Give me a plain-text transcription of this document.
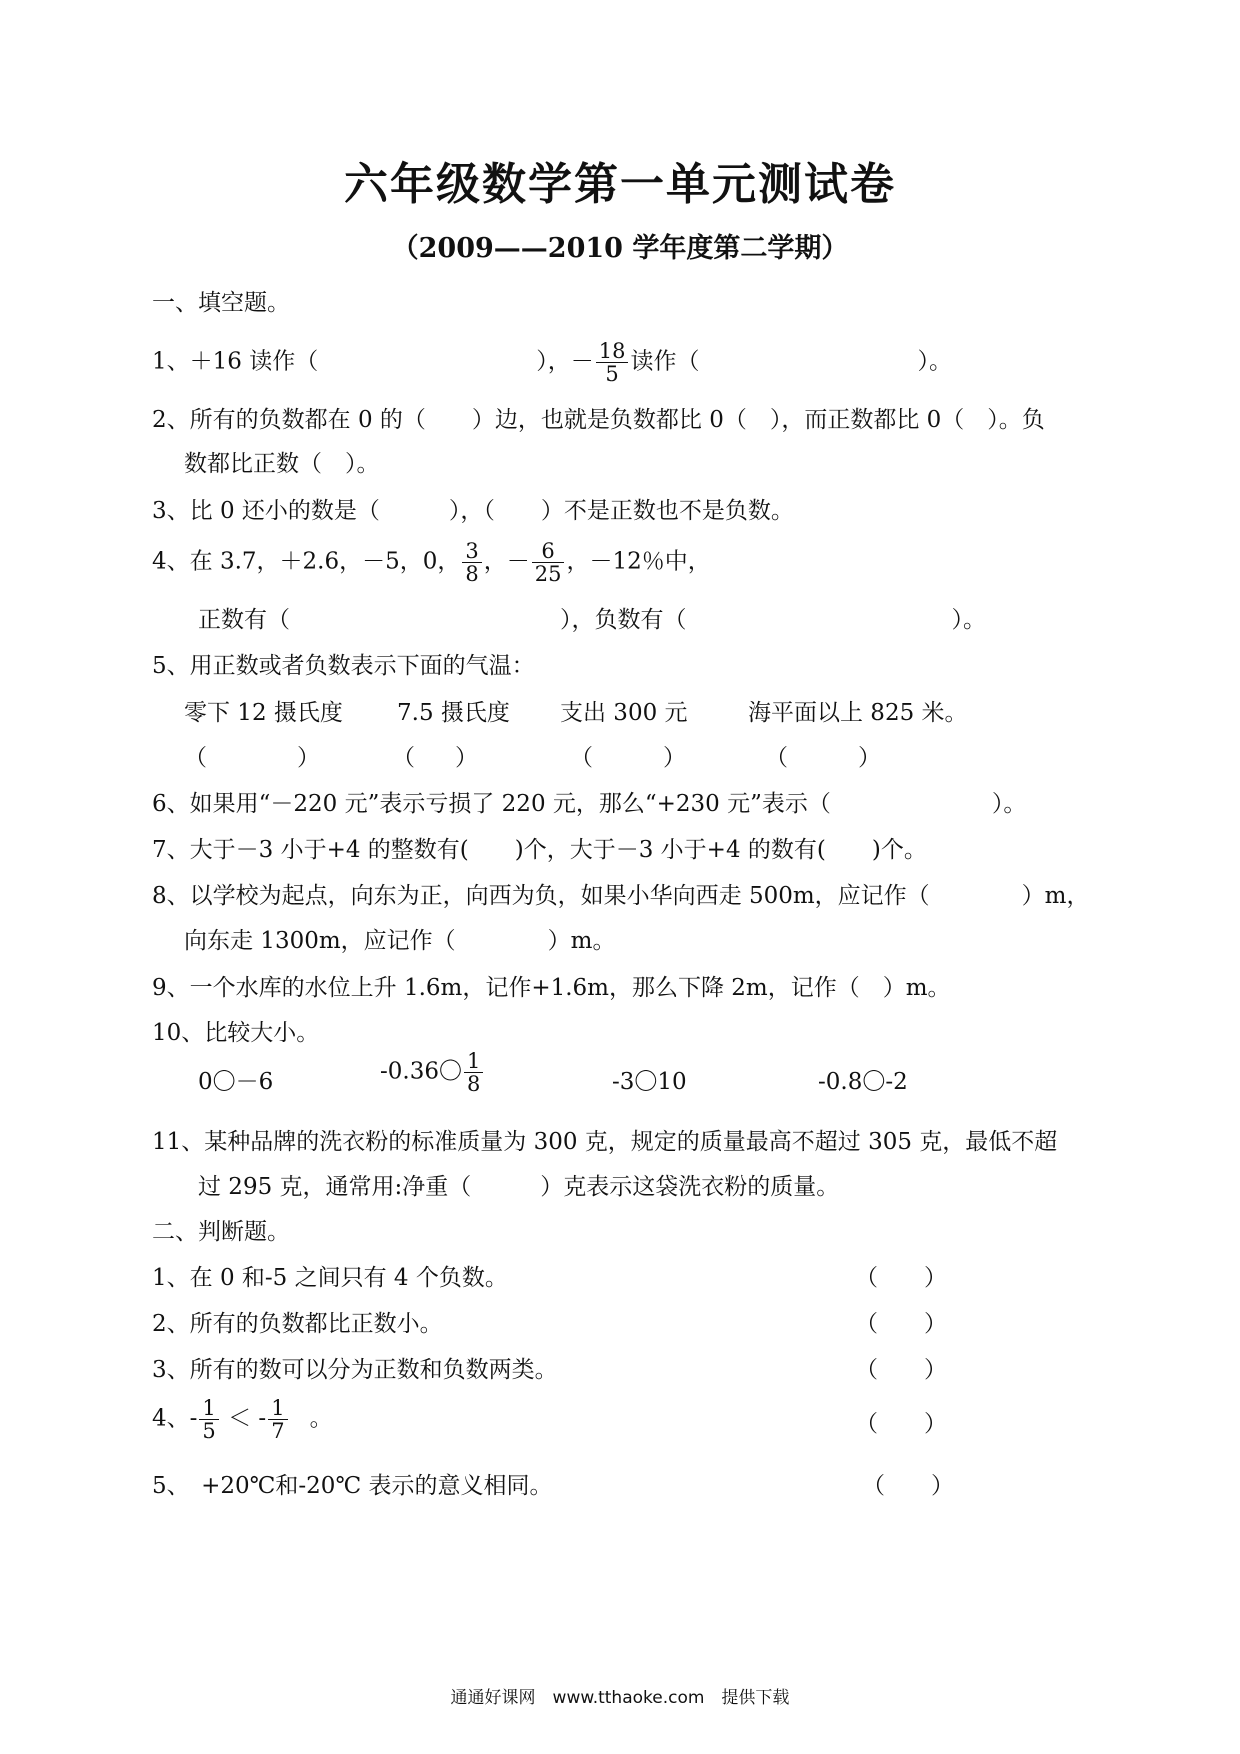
六年级数学第一单元测试卷
（2009——2010 学年度第二学期）
一、填空题。
1、＋16 读作（	），－ $\frac{18}{5}$ 读作（	）。
2、所有的负数都在 0 的（　　）边，也就是负数都比 0（　），而正数都比 0（　）。负
数都比正数（　）。
3、比 0 还小的数是（　　　），（　　）不是正数也不是负数。
4、在 3.7，＋2.6，－5，0， $\frac{3}{8}$ ，－ $\frac{6}{25}$ ，－12％中，
正数有（	），负数有（	）。
5、用正数或者负数表示下面的气温：
零下 12 摄氏度 7.5 摄氏度 支出 300 元	海平面以上 825 米。
（	）	（ ）	（	）	（	）
6、如果用“－220 元”表示亏损了 220 元，那么“+230 元”表示（　　　　　　　）。
7、大于－3 小于+4 的整数有(　　)个，大于－3 小于+4 的数有(　　)个。
8、以学校为起点，向东为正，向西为负，如果小华向西走 500m，应记作（　　　　）m，
向东走 1300m，应记作（　　　　）m。
9、一个水库的水位上升 1.6m，记作+1.6m，那么下降 2m，记作（　）m。
10、比较大小。
0〇－6	-0.36〇 $\frac{1}{8}$	-3〇10	-0.8〇-2
11、某种品牌的洗衣粉的标准质量为 300 克，规定的质量最高不超过 305 克，最低不超
过 295 克，通常用:净重（　　　）克表示这袋洗衣粉的质量。
二、判断题。
1、在 0 和-5 之间只有 4 个负数。	（　　）
2、所有的负数都比正数小。	（　　）
3、所有的数可以分为正数和负数两类。	（　　）
4、- $\frac{1}{5}$ ＜ - $\frac{1}{7}$ 。	（　　）
5、　+20℃和-20℃ 表示的意义相同。	（　　）
通通好课网　www.tthaoke.com　提供下载
